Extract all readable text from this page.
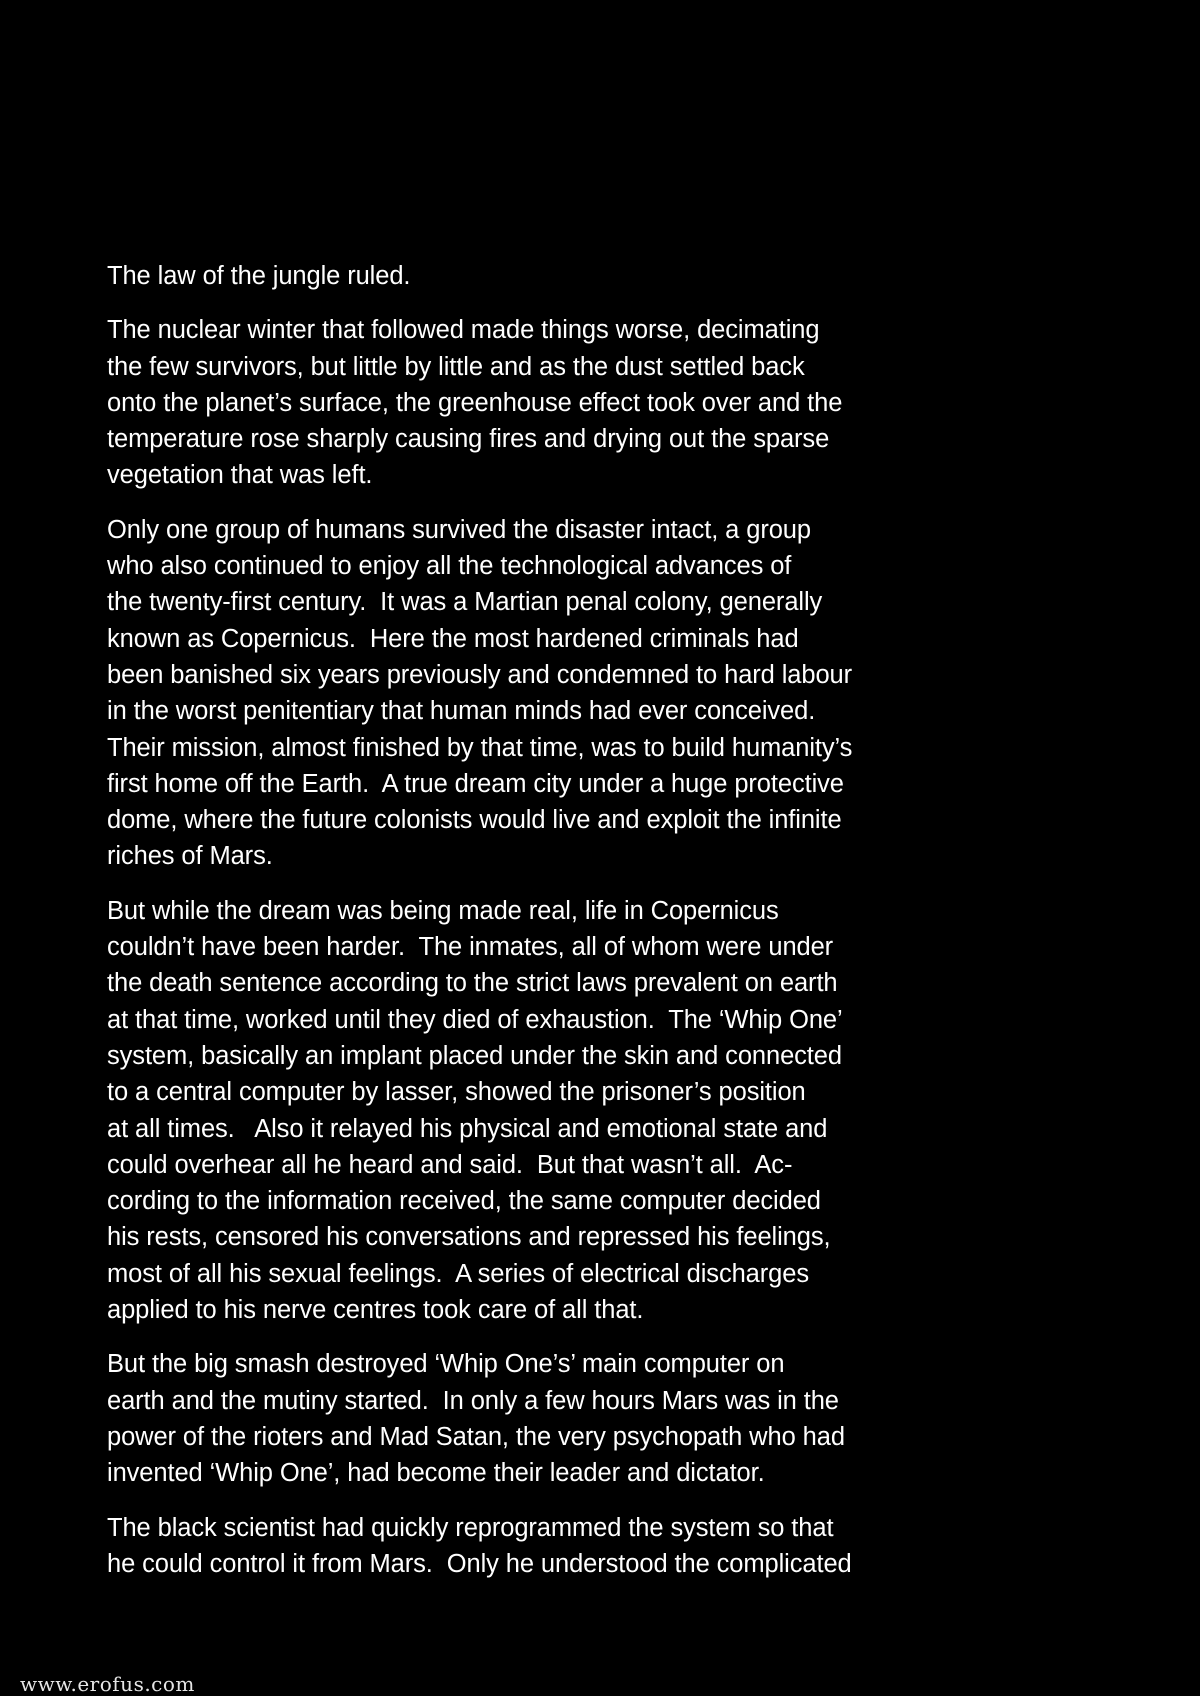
The law of the jungle ruled.

The nuclear winter that followed made things worse, decimating
the few survivors, but little by little and as the dust settled back
onto the planet’s surface, the greenhouse effect took over and the
temperature rose sharply causing fires and drying out the sparse
vegetation that was left.

Only one group of humans survived the disaster intact, a group
who also continued to enjoy all the technological advances of
the twenty-first century.  It was a Martian penal colony, generally
known as Copernicus.  Here the most hardened criminals had
been banished six years previously and condemned to hard labour
in the worst penitentiary that human minds had ever conceived.
Their mission, almost finished by that time, was to build humanity’s
first home off the Earth.  A true dream city under a huge protective
dome, where the future colonists would live and exploit the infinite
riches of Mars.

But while the dream was being made real, life in Copernicus
couldn’t have been harder.  The inmates, all of whom were under
the death sentence according to the strict laws prevalent on earth
at that time, worked until they died of exhaustion.  The ‘Whip One’
system, basically an implant placed under the skin and connected
to a central computer by lasser, showed the prisoner’s position
at all times.   Also it relayed his physical and emotional state and
could overhear all he heard and said.  But that wasn’t all.  Ac-
cording to the information received, the same computer decided
his rests, censored his conversations and repressed his feelings,
most of all his sexual feelings.  A series of electrical discharges
applied to his nerve centres took care of all that.

But the big smash destroyed ‘Whip One’s’ main computer on
earth and the mutiny started.  In only a few hours Mars was in the
power of the rioters and Mad Satan, the very psychopath who had
invented ‘Whip One’, had become their leader and dictator.

The black scientist had quickly reprogrammed the system so that
he could control it from Mars.  Only he understood the complicated

www.erofus.com
